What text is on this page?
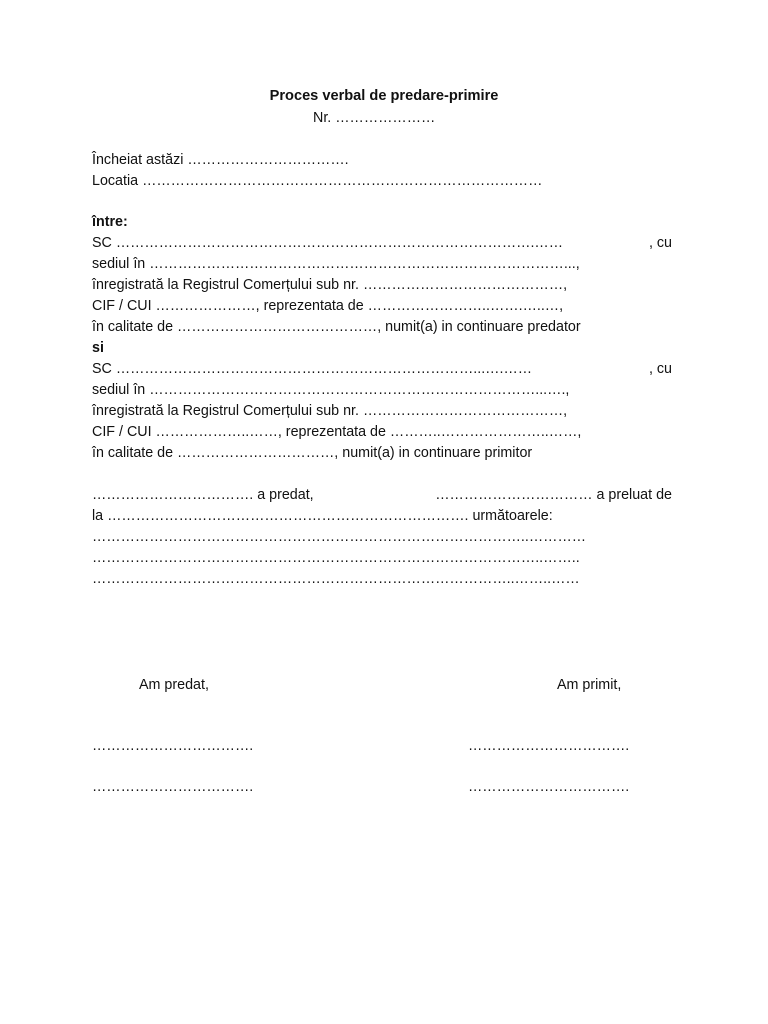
Proces verbal de predare-primire
Nr. …………………
Încheiat astăzi …………………………….
Locatia …………………………………………………………………………
între:
SC …………………………………………………………………………….……	, cu
sediul în ……………………………………………………………………………...,
înregistrată la Registrul Comerțului sub nr. ……………………………………,
CIF / CUI …………………, reprezentata de ……………………..…….…..…,
în calitate de ……………………………………, numit(a) in continuare predator
si
SC …………………………………………………………………...….……	, cu
sediul în ………………………………………………………………………...….,
înregistrată la Registrul Comerțului sub nr. ……………………………………,
CIF / CUI ………………..……, reprezentata de ………..…………………..……,
în calitate de ……………………………, numit(a) in continuare primitor
……………………………. a predat,	…………………………… a preluat de
la …………………………………………………………………. următoarele:
………………………………………………………………………………..…………
…………………………………………………………………………………..……..
……………………………………………………………………………..……..……
Am predat,	Am primit,
…………………………….	…………………………….
…………………………….	…………………………….
